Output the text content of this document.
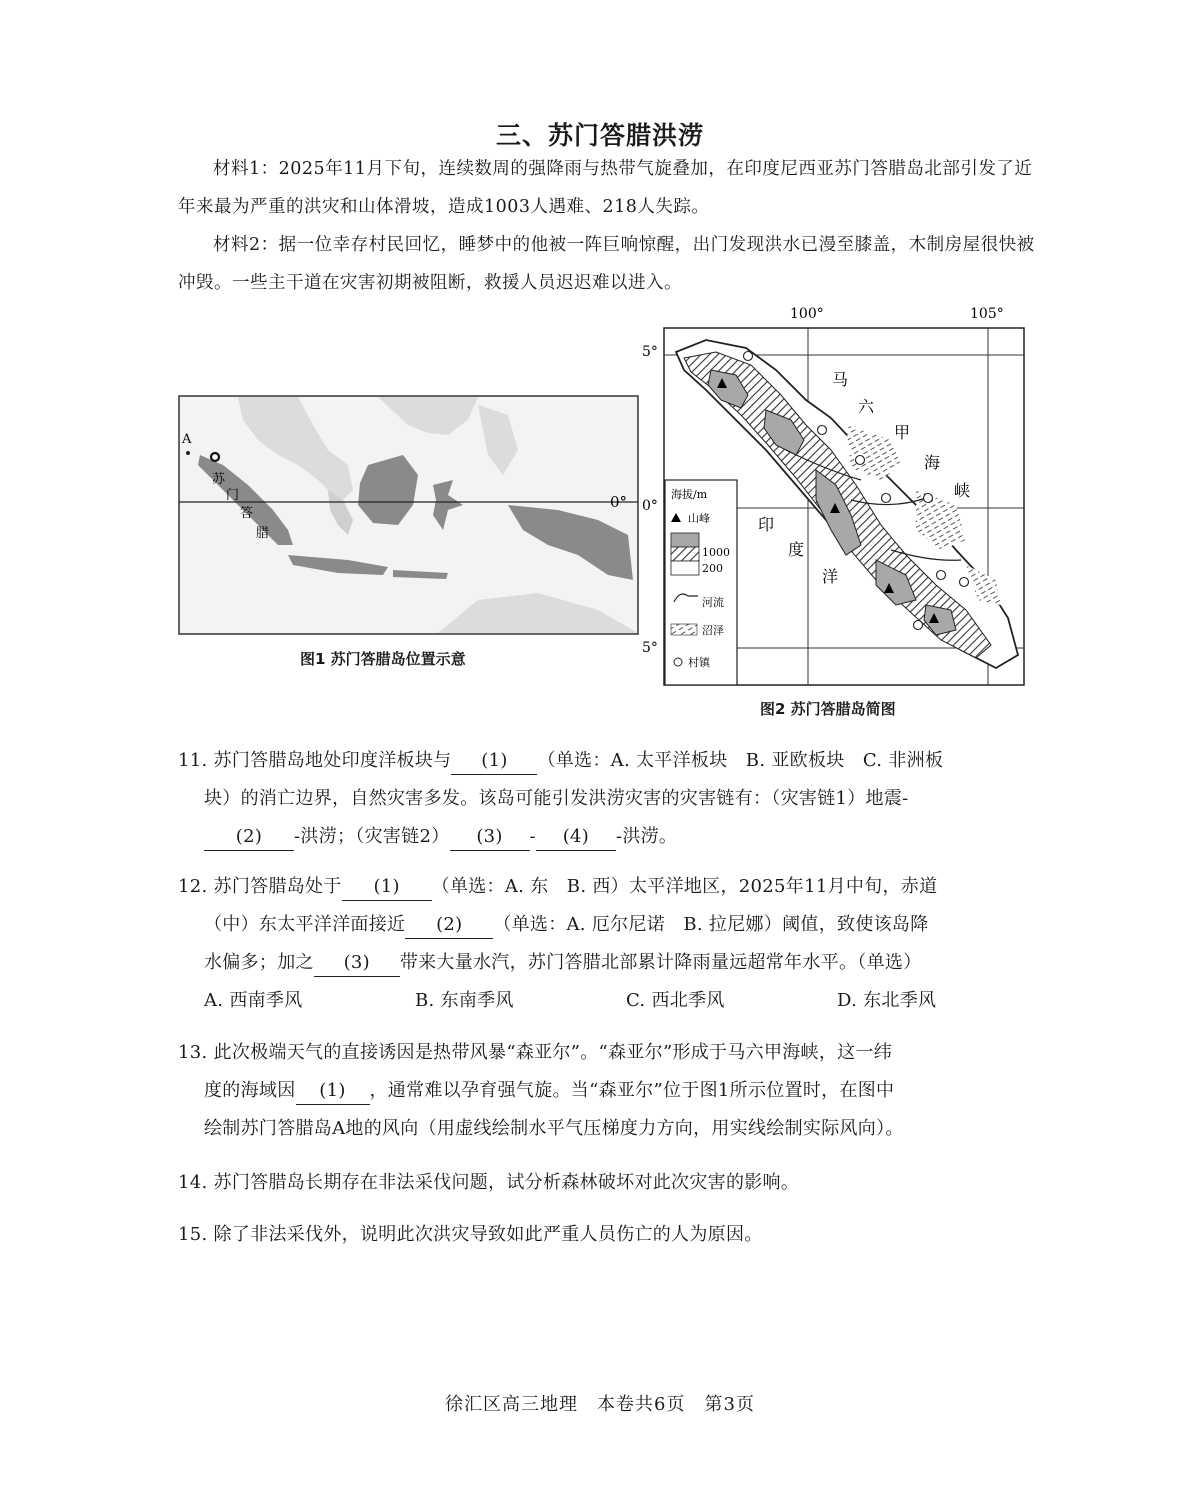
三、苏门答腊洪涝

材料1：2025年11月下旬，连续数周的强降雨与热带气旋叠加，在印度尼西亚苏门答腊岛北部引发了近年来最为严重的洪灾和山体滑坡，造成1003人遇难、218人失踪。

材料2：据一位幸存村民回忆，睡梦中的他被一阵巨响惊醒，出门发现洪水已漫至膝盖，木制房屋很快被冲毁。一些主干道在灾害初期被阻断，救援人员迟迟难以进入。

0°
A
苏
门
答
腊
图1 苏门答腊岛位置示意
100°	105°
5°
0°
5°
马
六
甲
海
峡
印
度
洋
海拔/m
山峰
1000
200
河流
沼泽
村镇
图2 苏门答腊岛简图
11. 苏门答腊岛地处印度洋板块与 (1) （单选：A. 太平洋板块　B. 亚欧板块　C. 非洲板
块）的消亡边界，自然灾害多发。该岛可能引发洪涝灾害的灾害链有：（灾害链1）地震-
(2) -洪涝；（灾害链2） (3) - (4) -洪涝。
12. 苏门答腊岛处于 (1) （单选：A. 东　B. 西）太平洋地区，2025年11月中旬，赤道
（中）东太平洋洋面接近 (2) （单选：A. 厄尔尼诺　B. 拉尼娜）阈值，致使该岛降
水偏多；加之 (3) 带来大量水汽，苏门答腊北部累计降雨量远超常年水平。（单选）
A. 西南季风	B. 东南季风	C. 西北季风	D. 东北季风
13. 此次极端天气的直接诱因是热带风暴“森亚尔”。“森亚尔”形成于马六甲海峡，这一纬
度的海域因 (1) ，通常难以孕育强气旋。当“森亚尔”位于图1所示位置时，在图中
绘制苏门答腊岛A地的风向（用虚线绘制水平气压梯度力方向，用实线绘制实际风向）。
14. 苏门答腊岛长期存在非法采伐问题，试分析森林破坏对此次灾害的影响。
15. 除了非法采伐外，说明此次洪灾导致如此严重人员伤亡的人为原因。
徐汇区高三地理　本卷共6页　第3页
